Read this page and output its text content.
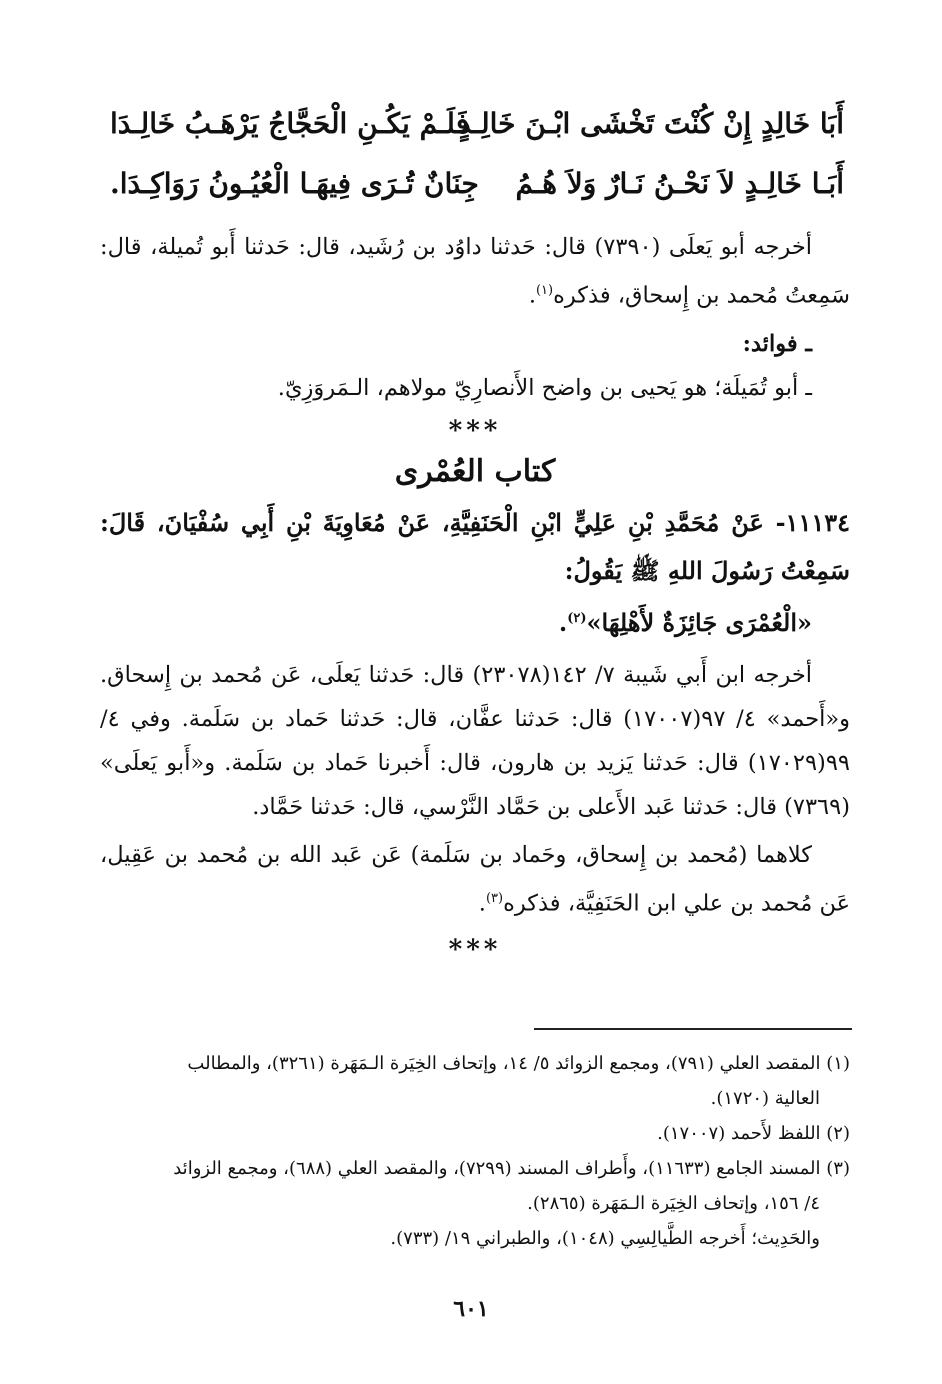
أَبَا خَالِدٍ إِنْ كُنْتَ تَخْشَى ابْـنَ خَالِـدٍ
فَلَـمْ يَكُـنِ الْحَجَّاجُ يَرْهَـبُ خَالِـدَا
أَبَـا خَالِـدٍ لاَ نَحْـنُ نَـارٌ وَلاَ هُـمُ
جِنَانٌ تُـرَى فِيهَـا الْعُيُـونُ رَوَاكِـدَا.

أخرجه أبو يَعلَى (٧٣٩٠) قال: حَدثنا داوُد بن رُشَيد، قال: حَدثنا أَبو تُميلة، قال: سَمِعتُ مُحمد بن إِسحاق، فذكره$^{(١)}$.

ـ فوائد:

ـ أبو تُمَيلَة؛ هو يَحيى بن واضح الأَنصارِيّ مولاهم، الـمَروَزِيّ.

***
كتاب العُمْرى

١١١٣٤- عَنْ مُحَمَّدِ بْنِ عَلِيٍّ ابْنِ الْحَنَفِيَّةِ، عَنْ مُعَاوِيَةَ بْنِ أَبِي سُفْيَانَ، قَالَ: سَمِعْتُ رَسُولَ اللهِ ﷺ يَقُولُ:

«الْعُمْرَى جَائِزَةٌ لأَهْلِهَا»$^{(٢)}$.

أخرجه ابن أَبي شَيبة ٧/ ١٤٢(٢٣٠٧٨) قال: حَدثنا يَعلَى، عَن مُحمد بن إِسحاق. و«أَحمد» ٤/ ٩٧(١٧٠٠٧) قال: حَدثنا عفَّان، قال: حَدثنا حَماد بن سَلَمة. وفي ٤/ ٩٩(١٧٠٢٩) قال: حَدثنا يَزيد بن هارون، قال: أَخبرنا حَماد بن سَلَمة. و«أَبو يَعلَى» (٧٣٦٩) قال: حَدثنا عَبد الأَعلى بن حَمَّاد النَّرْسي، قال: حَدثنا حَمَّاد.

كلاهما (مُحمد بن إِسحاق، وحَماد بن سَلَمة) عَن عَبد الله بن مُحمد بن عَقِيل، عَن مُحمد بن علي ابن الحَنَفِيَّة، فذكره$^{(٣)}$.

***
(١) المقصد العلي (٧٩١)، ومجمع الزوائد ٥/ ١٤، وإتحاف الخِيَرة الـمَهَرة (٣٢٦١)، والمطالب
العالية (١٧٢٠).
(٢) اللفظ لأَحمد (١٧٠٠٧).
(٣) المسند الجامع (١١٦٣٣)، وأَطراف المسند (٧٢٩٩)، والمقصد العلي (٦٨٨)، ومجمع الزوائد
٤/ ١٥٦، وإتحاف الخِيَرة الـمَهَرة (٢٨٦٥).
والحَدِيث؛ أَخرجه الطَّيالِسِي (١٠٤٨)، والطبراني ١٩/ (٧٣٣).
٦٠١
